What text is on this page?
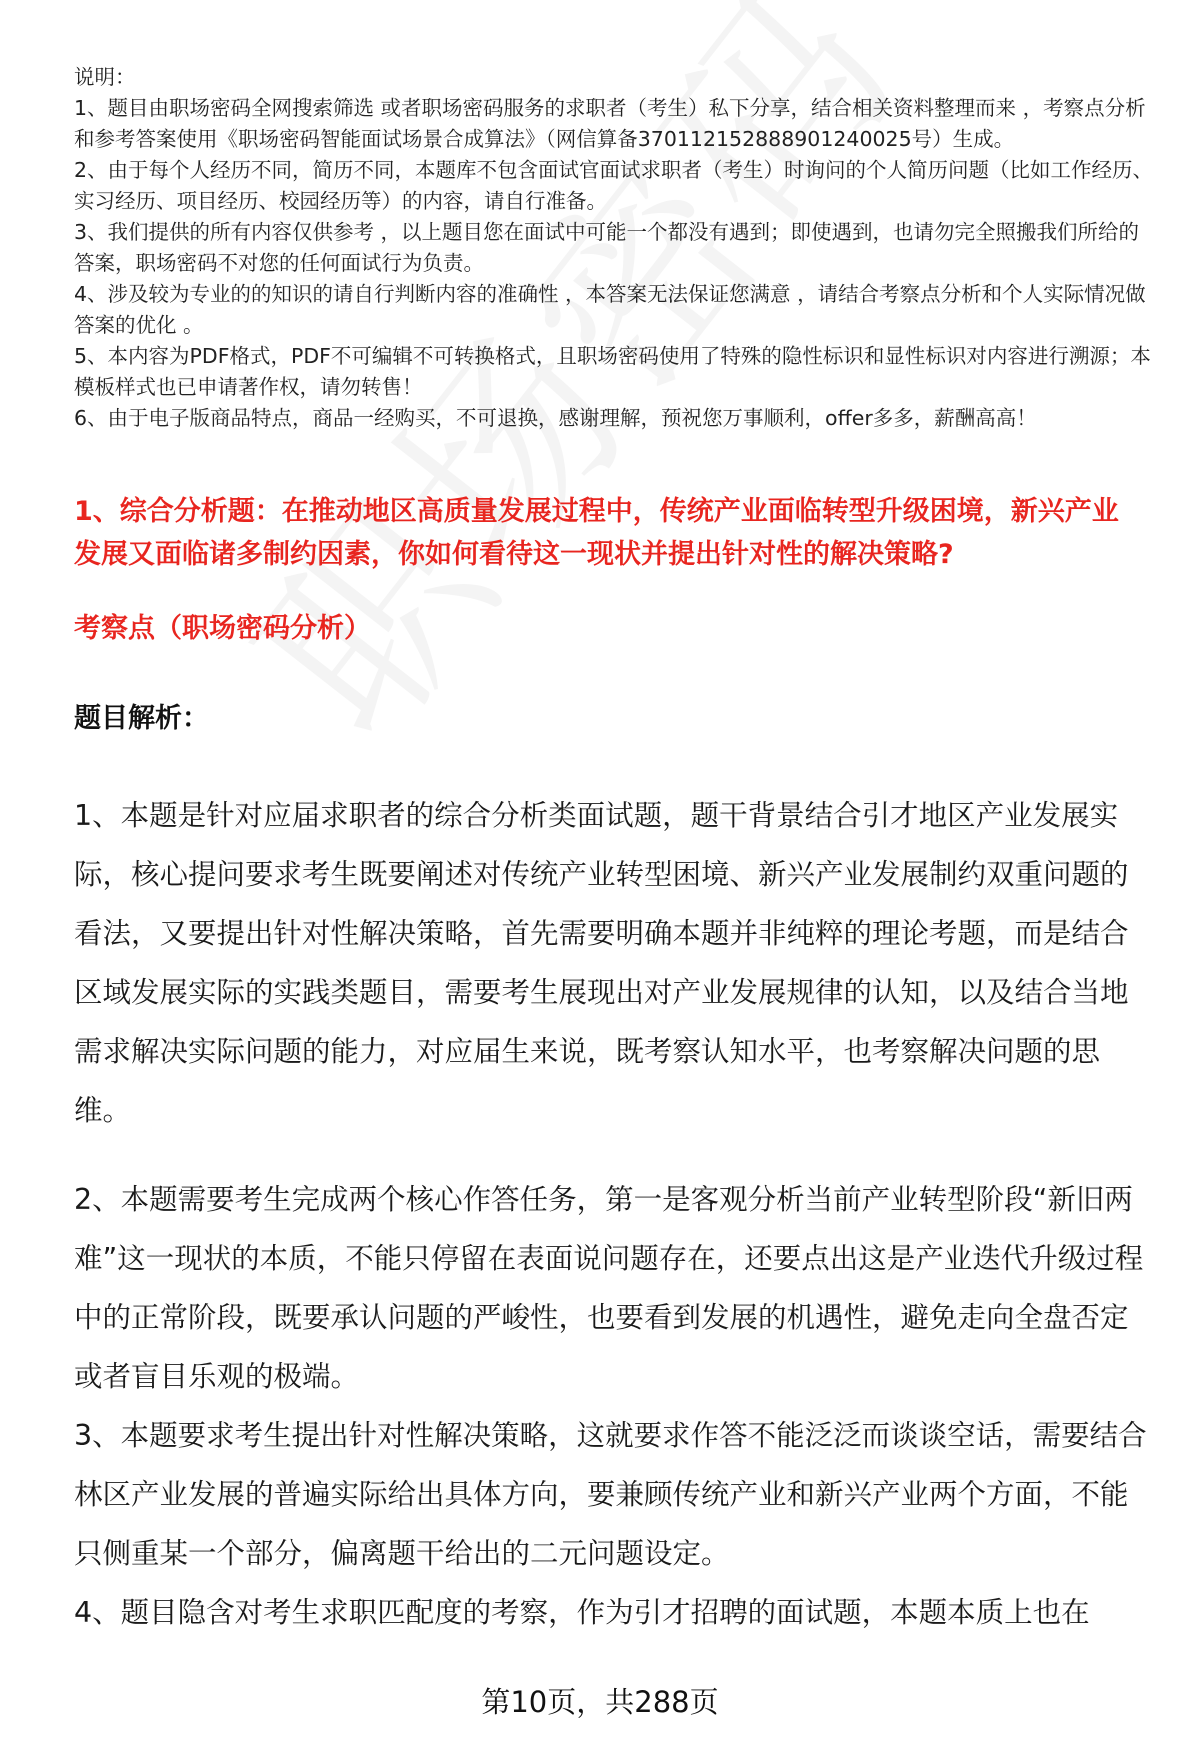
说明：

1、题目由职场密码全网搜索筛选 或者职场密码服务的求职者（考生）私下分享，结合相关资料整理而来 ，考察点分析和参考答案使用《职场密码智能面试场景合成算法》（网信算备370112152888901240025号）生成。

2、由于每个人经历不同，简历不同，本题库不包含面试官面试求职者（考生）时询问的个人简历问题（比如工作经历、实习经历、项目经历、校园经历等）的内容，请自行准备。

3、我们提供的所有内容仅供参考 ，以上题目您在面试中可能一个都没有遇到；即使遇到，也请勿完全照搬我们所给的答案，职场密码不对您的任何面试行为负责。

4、涉及较为专业的的知识的请自行判断内容的准确性 ，本答案无法保证您满意 ，请结合考察点分析和个人实际情况做答案的优化 。

5、本内容为PDF格式，PDF不可编辑不可转换格式，且职场密码使用了特殊的隐性标识和显性标识对内容进行溯源；本模板样式也已申请著作权，请勿转售！

6、由于电子版商品特点，商品一经购买，不可退换，感谢理解，预祝您万事顺利，offer多多，薪酬高高！

1、综合分析题：在推动地区高质量发展过程中，传统产业面临转型升级困境，新兴产业发展又面临诸多制约因素，你如何看待这一现状并提出针对性的解决策略?
考察点（职场密码分析）
题目解析：

1、本题是针对应届求职者的综合分析类面试题，题干背景结合引才地区产业发展实际，核心提问要求考生既要阐述对传统产业转型困境、新兴产业发展制约双重问题的看法，又要提出针对性解决策略，首先需要明确本题并非纯粹的理论考题，而是结合区域发展实际的实践类题目，需要考生展现出对产业发展规律的认知，以及结合当地需求解决实际问题的能力，对应届生来说，既考察认知水平，也考察解决问题的思维。

2、本题需要考生完成两个核心作答任务，第一是客观分析当前产业转型阶段“新旧两难”这一现状的本质，不能只停留在表面说问题存在，还要点出这是产业迭代升级过程中的正常阶段，既要承认问题的严峻性，也要看到发展的机遇性，避免走向全盘否定或者盲目乐观的极端。

3、本题要求考生提出针对性解决策略，这就要求作答不能泛泛而谈谈空话，需要结合林区产业发展的普遍实际给出具体方向，要兼顾传统产业和新兴产业两个方面，不能只侧重某一个部分，偏离题干给出的二元问题设定。

4、题目隐含对考生求职匹配度的考察，作为引才招聘的面试题，本题本质上也在

第10页，共288页
